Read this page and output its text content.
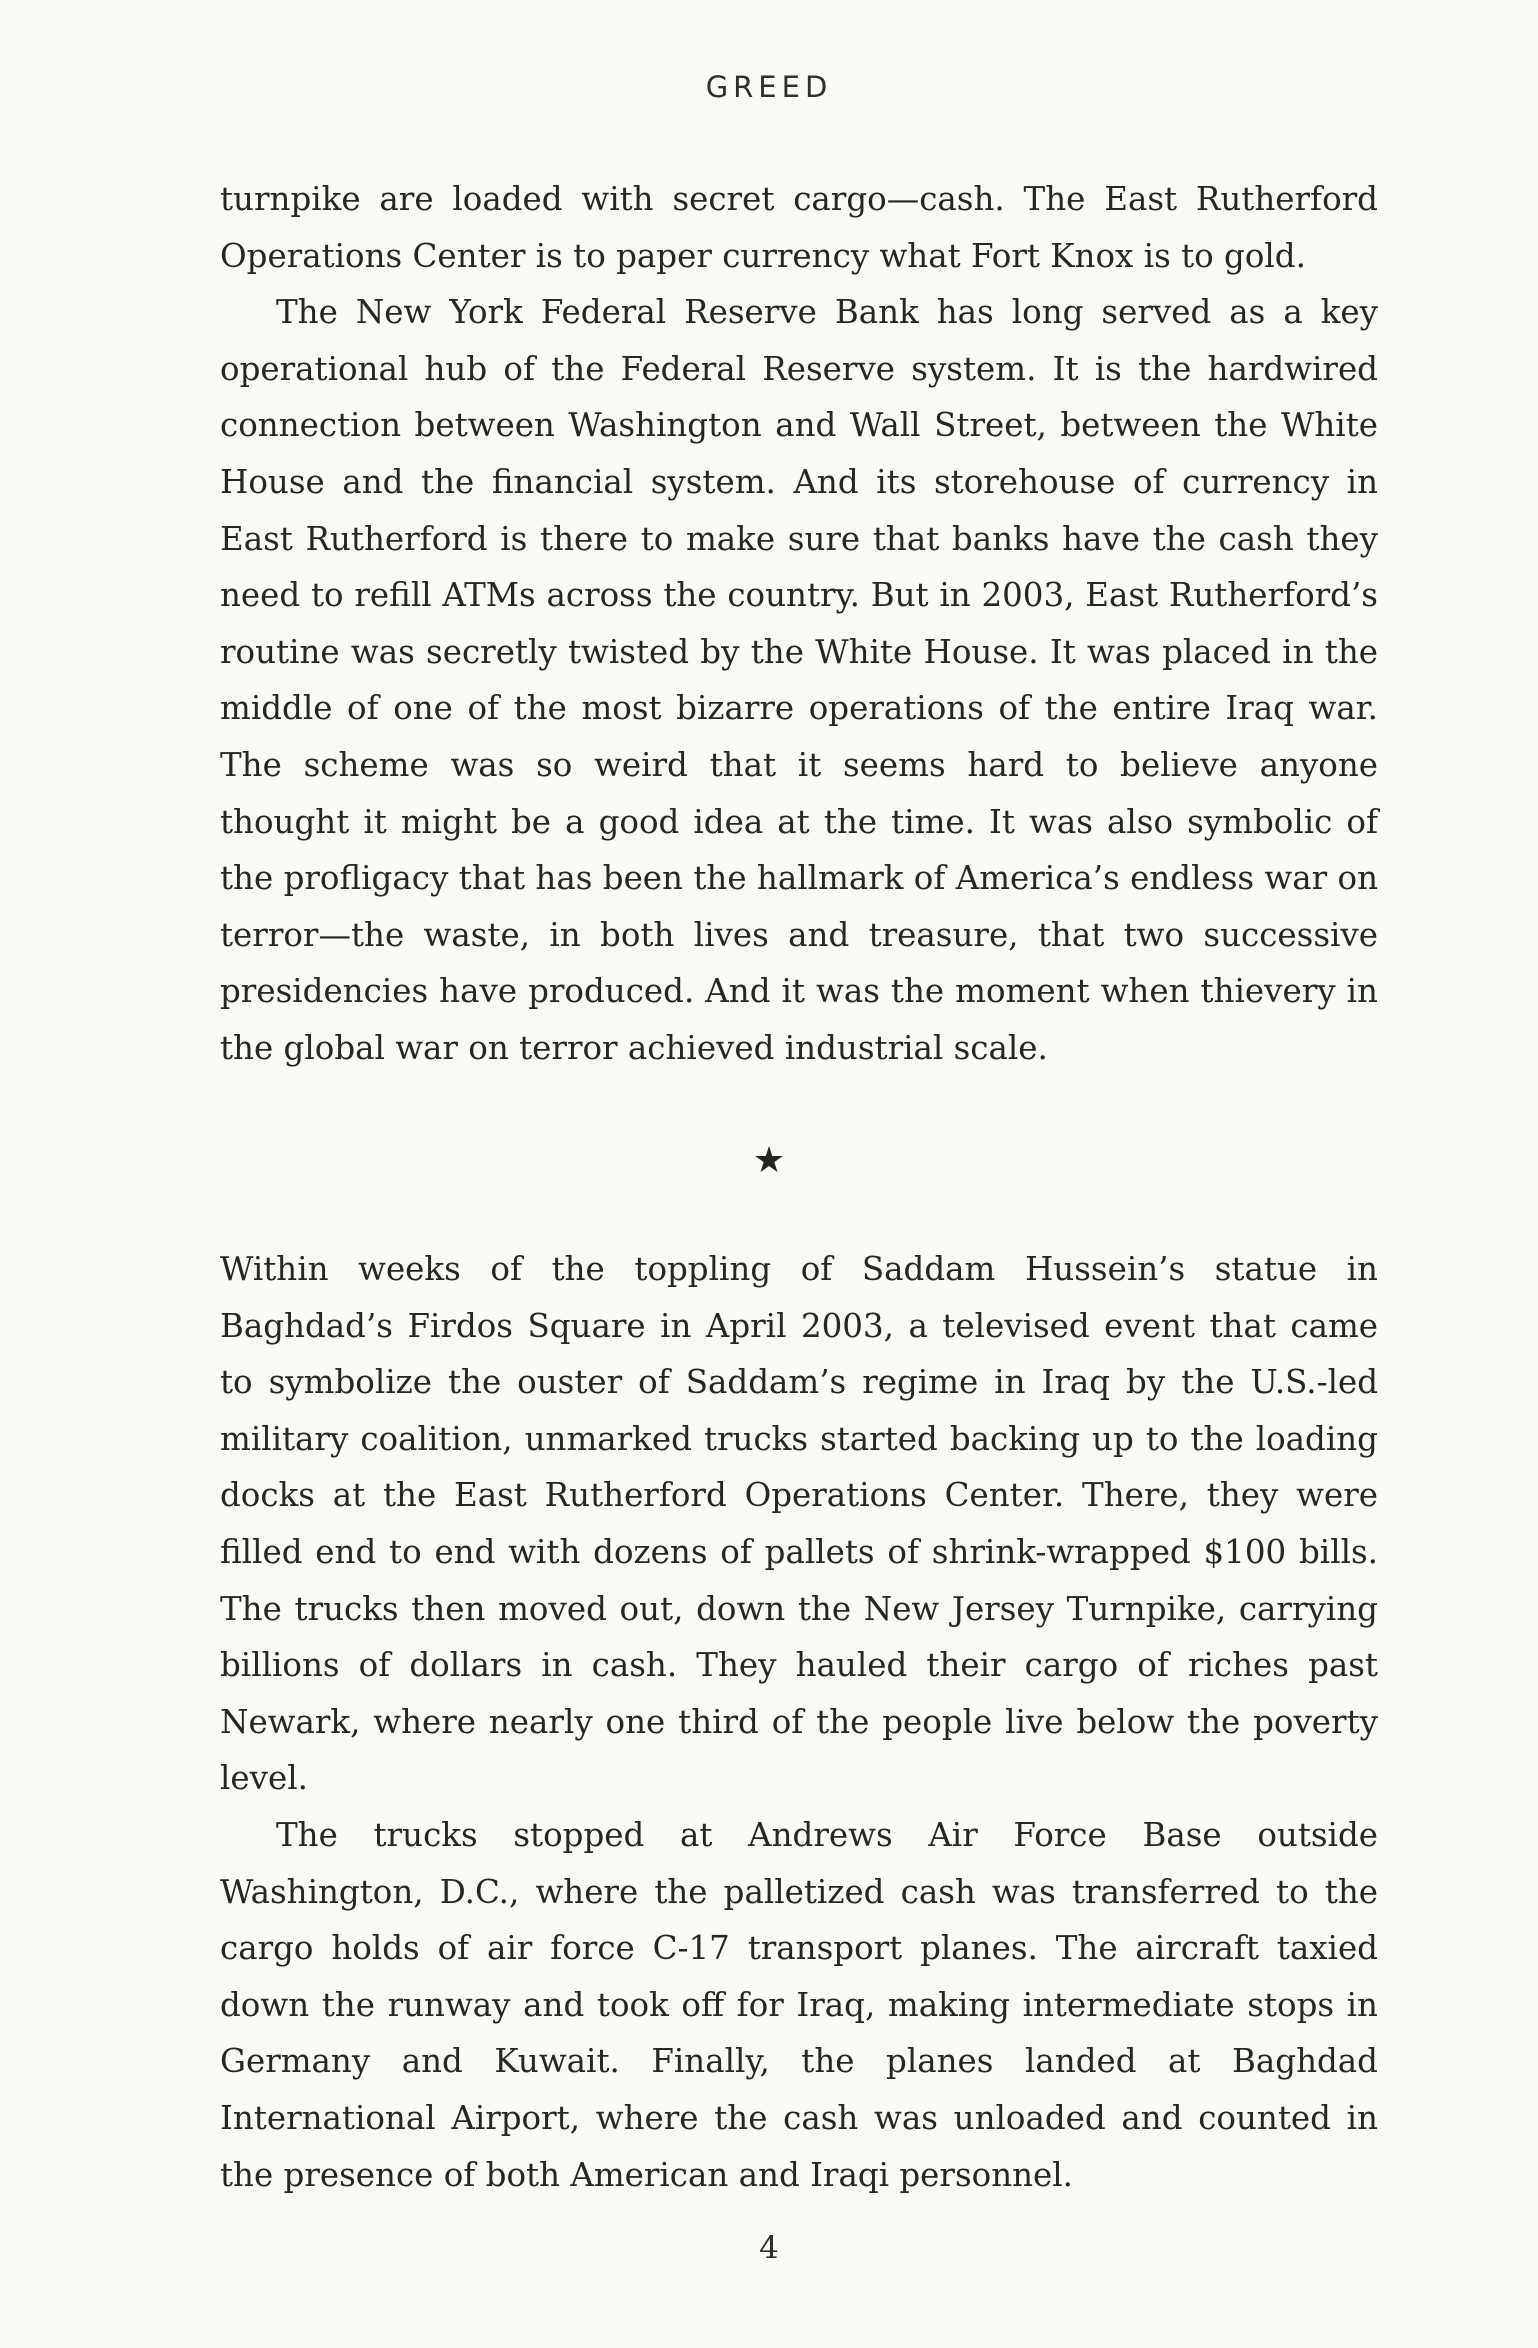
GREED

turnpike are loaded with secret cargo—cash. The East Rutherford Operations Center is to paper currency what Fort Knox is to gold.

The New York Federal Reserve Bank has long served as a key operational hub of the Federal Reserve system. It is the hardwired connection between Washington and Wall Street, between the White House and the financial system. And its storehouse of currency in East Rutherford is there to make sure that banks have the cash they need to refill ATMs across the country. But in 2003, East Rutherford’s routine was secretly twisted by the White House. It was placed in the middle of one of the most bizarre operations of the entire Iraq war. The scheme was so weird that it seems hard to believe anyone thought it might be a good idea at the time. It was also symbolic of the profligacy that has been the hallmark of America’s endless war on terror—the waste, in both lives and treasure, that two successive presidencies have produced. And it was the moment when thievery in the global war on terror achieved industrial scale.

★

Within weeks of the toppling of Saddam Hussein’s statue in Baghdad’s Firdos Square in April 2003, a televised event that came to symbolize the ouster of Saddam’s regime in Iraq by the U.S.-led military coalition, unmarked trucks started backing up to the loading docks at the East Rutherford Operations Center. There, they were filled end to end with dozens of pallets of shrink-wrapped $100 bills. The trucks then moved out, down the New Jersey Turnpike, carrying billions of dollars in cash. They hauled their cargo of riches past Newark, where nearly one third of the people live below the poverty level.

The trucks stopped at Andrews Air Force Base outside Washington, D.C., where the palletized cash was transferred to the cargo holds of air force C-17 transport planes. The aircraft taxied down the runway and took off for Iraq, making intermediate stops in Germany and Kuwait. Finally, the planes landed at Baghdad International Airport, where the cash was unloaded and counted in the presence of both American and Iraqi personnel.

4
